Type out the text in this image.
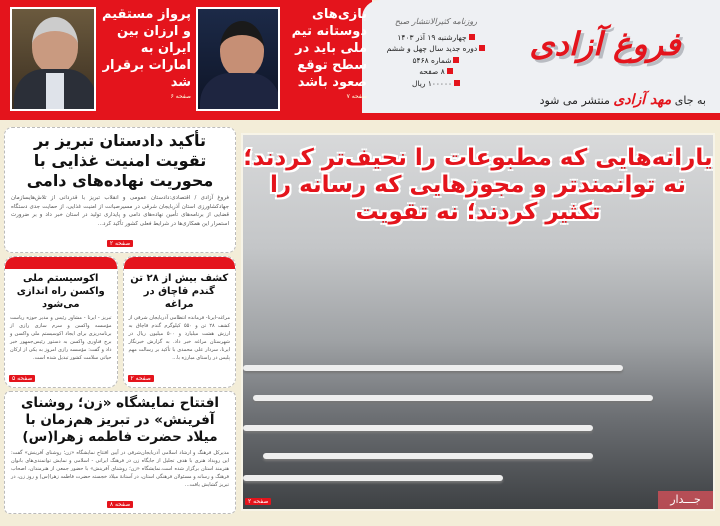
فروغ آزادی
به جای مهد آزادی منتشر می شود
روزنامه کثیرالانتشار صبح
چهارشنبه ۱۹ آذر ۱۴۰۳
دوره جدید سال چهل و ششم
شماره ۵۴۶۸
۸ صفحه
۱۰۰۰۰۰ ریال
پرواز مستقیم و ارزان بین ایران به امارات برقرار شد
صفحه ۶
بازی‌های دوستانه تیم ملی باید در سطح توقع صعود باشد
صفحه ۷
تأکید دادستان تبریز بر تقویت امنیت غذایی با محوریت نهاده‌های دامی
فروغ آزادی / اقتصادی:دادستان عمومی و انقلاب تبریز با قدردانی از تلاش‌هایسازمان جهادکشاورزی استان آذربایجان شرقی در مسیرصیانت از امنیت غذایی، از حمایت جدی دستگاه قضایی از برنامه‌های تأمین نهاده‌های دامی و پایداری تولید در استان خبر داد و بر ضرورت استمرار این همکاری‌ها در شرایط فعلی کشور تأکید کرد...
صفحه ۲
کشف بیش از ۲۸ تن گندم قاچاق در مراغه
مراغه-ایرنا- فرمانده انتظامی آذربایجان شرقی از کشف ۲۸ تن و ۵۵۰ کیلوگرم گندم قاچاق به ارزش هشت میلیارد و ۵۰۰ میلیون ریال در شهرستان مراغه خبر داد. به گزارش خبرنگار ایرنا، سردار علی محمدی با تأکید بر رسالت مهم پلیس در راستای مبارزه با...
صفحه ۲
اکوسیستم ملی واکسن راه اندازی می‌شود
تبریز - ایرنا - مشاور رئیس و مدیر حوزه ریاست مؤسسه واکسن و سرم سازی رازی از برنامه‌ریزی برای ایجاد اکوسیستم ملی واکسن و برج فناوری واکسن به دستور رئیس‌جمهور خبر داد و گفت: مؤسسه رازی امروز به یکی از ارکان حیاتی سلامت کشور تبدیل شده است.
صفحه ۵
افتتاح نمایشگاه «زن؛ روشنای آفرینش» در تبریز هم‌زمان با میلاد حضرت فاطمه زهرا(س)
مدیرکل فرهنگ و ارشاد اسلامی آذربایجان‌شرقی در آیین افتتاح نمایشگاه «زن؛ روشنای آفرینش» گفت: این رویداد هنری با هدف تجلیل از جایگاه زن در فرهنگ ایرانی - اسلامی و نمایش توانمندی‌های بانوان هنرمند استان برگزار شده است.نمایشگاه «زن؛ روشنای آفرینش» با حضور جمعی از هنرمندان، اصحاب فرهنگ و رسانه و مسئولان فرهنگی استان، در آستانهٔ میلاد خجسته حضرت فاطمه زهرا(س) و روز زن، در تبریز گشایش یافت...
صفحه ۸
یارانه‌هایی که مطبوعات را نحیف‌تر کردند؛
نه توانمندتر و مجوزهایی که رسانه را
تکثیر کردند؛ نه تقویت
صفحه ۲	جـــدار
